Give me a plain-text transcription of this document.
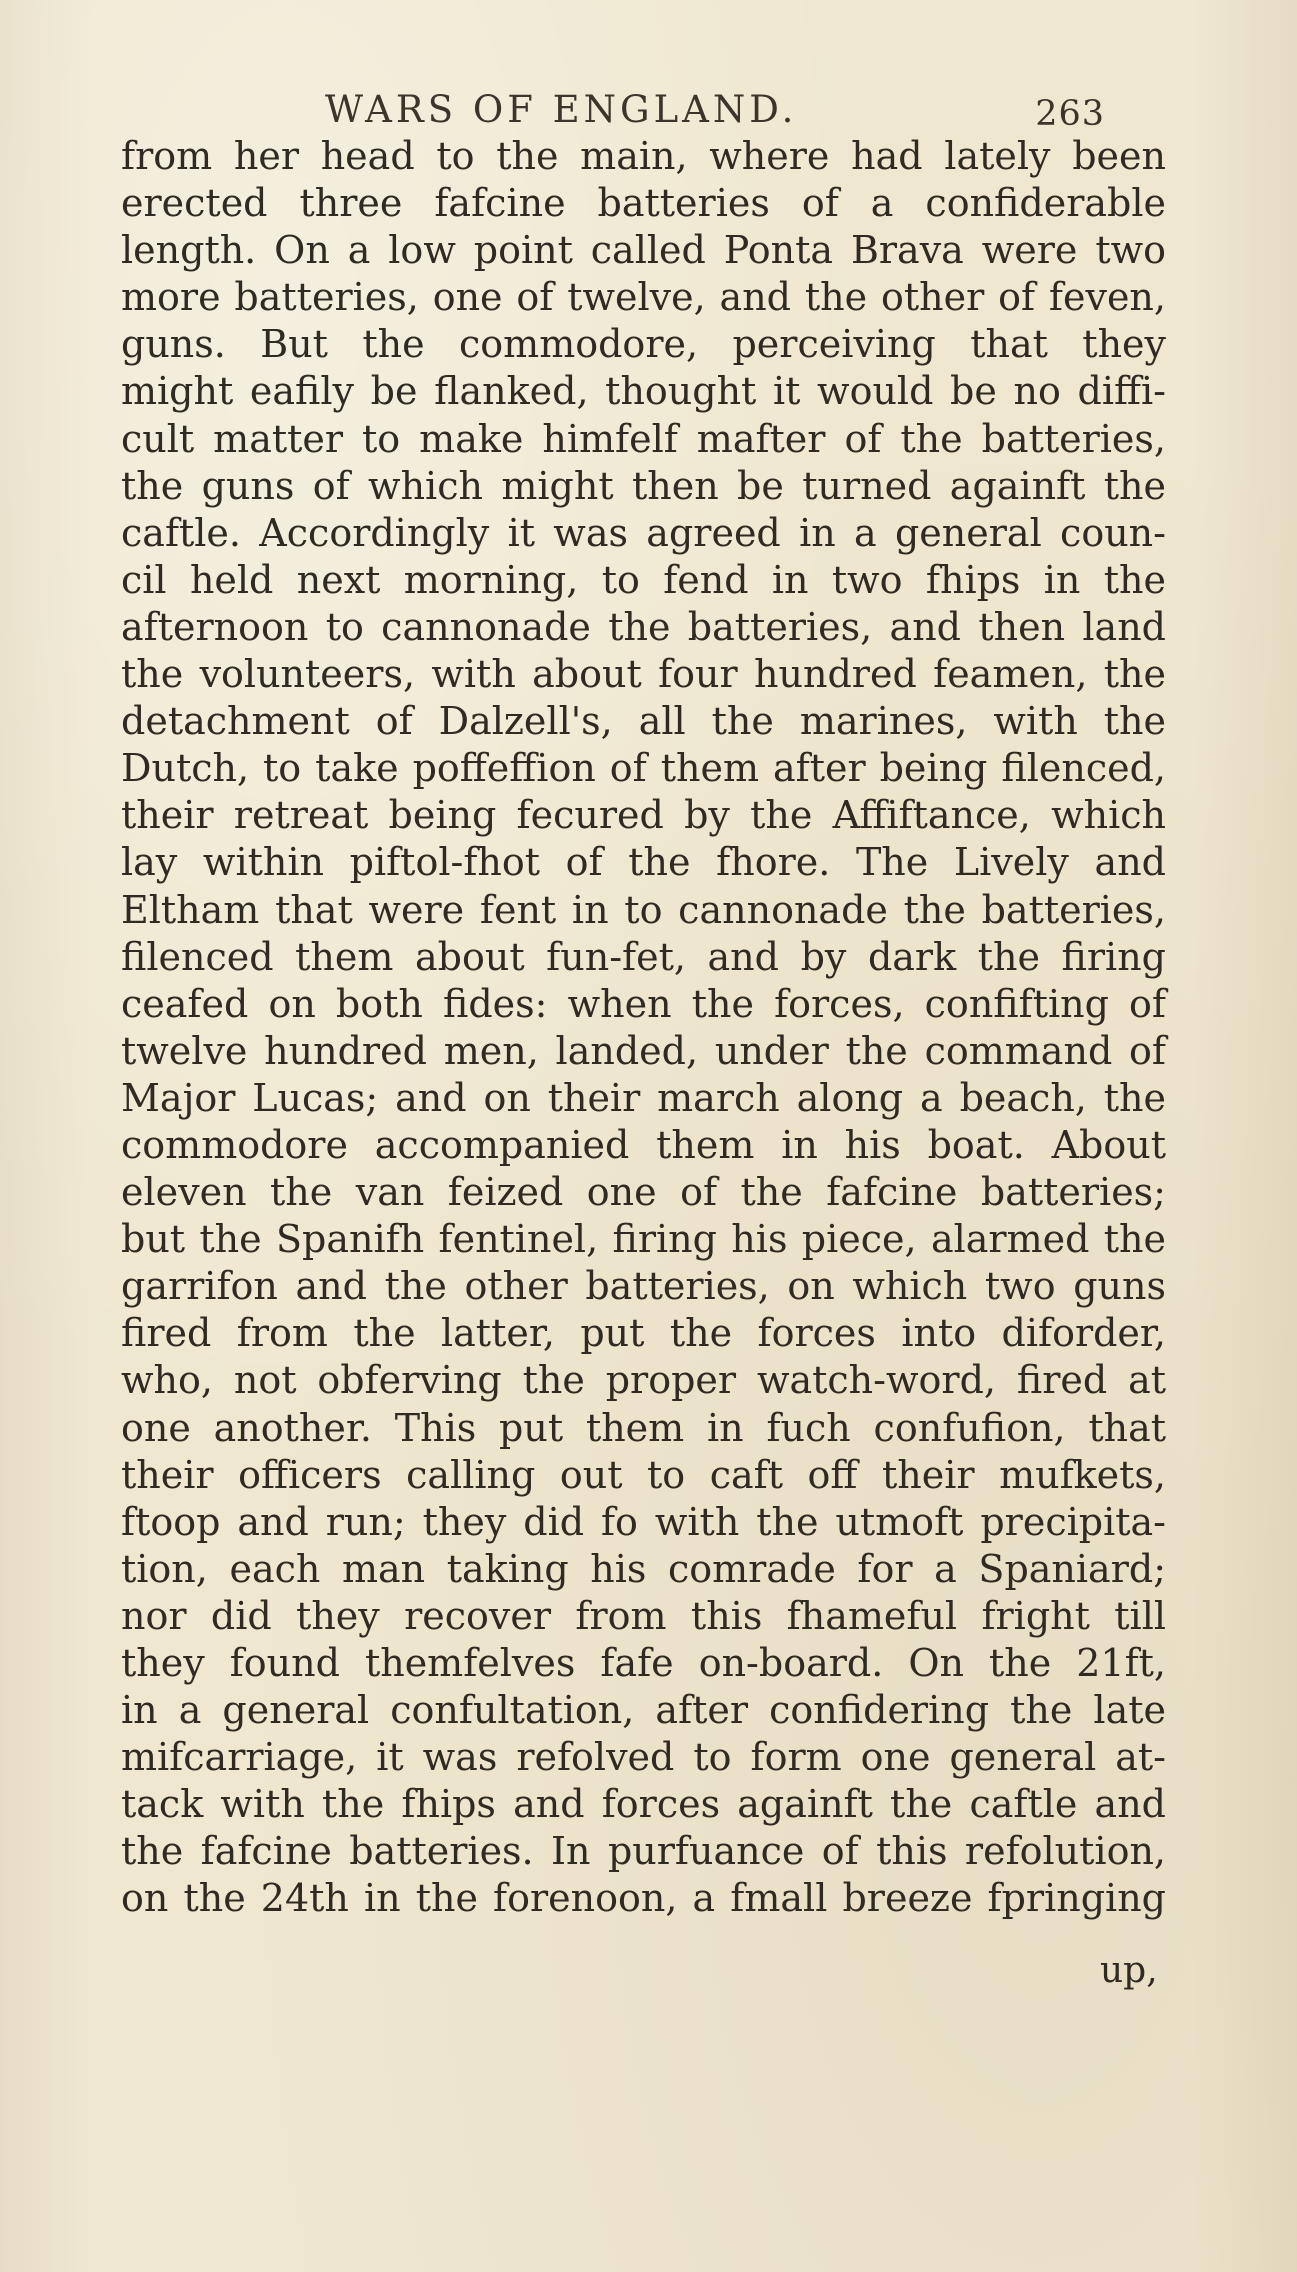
WARS OF ENGLAND.	263
from her head to the main, where had lately been
erected three fafcine batteries of a confiderable
length. On a low point called Ponta Brava were two
more batteries, one of twelve, and the other of feven,
guns. But the commodore, perceiving that they
might eafily be flanked, thought it would be no diffi-
cult matter to make himfelf mafter of the batteries,
the guns of which might then be turned againft the
caftle. Accordingly it was agreed in a general coun-
cil held next morning, to fend in two fhips in the
afternoon to cannonade the batteries, and then land
the volunteers, with about four hundred feamen, the
detachment of Dalzell's, all the marines, with the
Dutch, to take poffeffion of them after being filenced,
their retreat being fecured by the Affiftance, which
lay within piftol-fhot of the fhore. The Lively and
Eltham that were fent in to cannonade the batteries,
filenced them about fun-fet, and by dark the firing
ceafed on both fides: when the forces, confifting of
twelve hundred men, landed, under the command of
Major Lucas; and on their march along a beach, the
commodore accompanied them in his boat. About
eleven the van feized one of the fafcine batteries;
but the Spanifh fentinel, firing his piece, alarmed the
garrifon and the other batteries, on which two guns
fired from the latter, put the forces into diforder,
who, not obferving the proper watch-word, fired at
one another. This put them in fuch confufion, that
their officers calling out to caft off their mufkets,
ftoop and run; they did fo with the utmoft precipita-
tion, each man taking his comrade for a Spaniard;
nor did they recover from this fhameful fright till
they found themfelves fafe on-board. On the 21ft,
in a general confultation, after confidering the late
mifcarriage, it was refolved to form one general at-
tack with the fhips and forces againft the caftle and
the fafcine batteries. In purfuance of this refolution,
on the 24th in the forenoon, a fmall breeze fpringing
up,
